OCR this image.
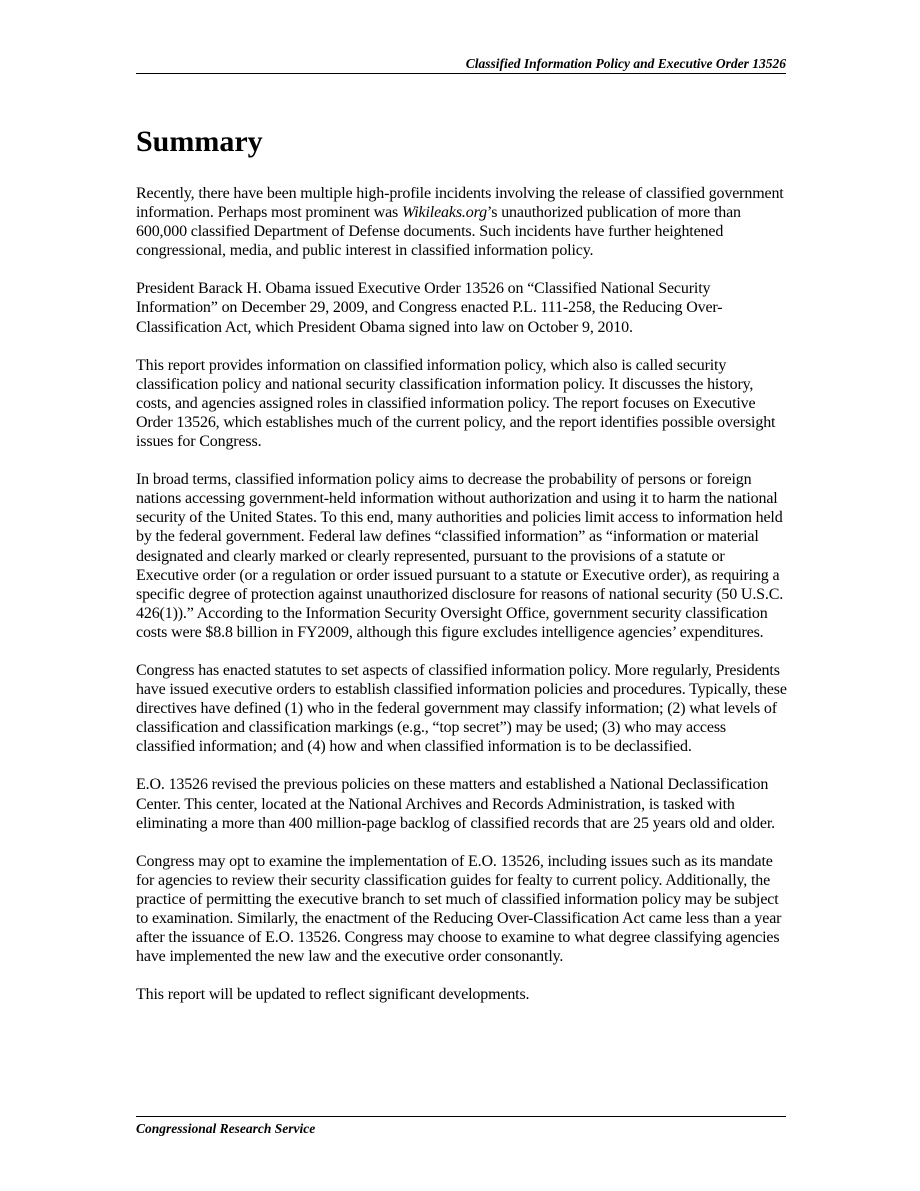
Classified Information Policy and Executive Order 13526
Summary

Recently, there have been multiple high-profile incidents involving the release of classified government information. Perhaps most prominent was Wikileaks.org’s unauthorized publication of more than 600,000 classified Department of Defense documents. Such incidents have further heightened congressional, media, and public interest in classified information policy.

President Barack H. Obama issued Executive Order 13526 on “Classified National Security Information” on December 29, 2009, and Congress enacted P.L. 111-258, the Reducing Over-Classification Act, which President Obama signed into law on October 9, 2010.

This report provides information on classified information policy, which also is called security classification policy and national security classification information policy. It discusses the history, costs, and agencies assigned roles in classified information policy. The report focuses on Executive Order 13526, which establishes much of the current policy, and the report identifies possible oversight issues for Congress.

In broad terms, classified information policy aims to decrease the probability of persons or foreign nations accessing government-held information without authorization and using it to harm the national security of the United States. To this end, many authorities and policies limit access to information held by the federal government. Federal law defines “classified information” as “information or material designated and clearly marked or clearly represented, pursuant to the provisions of a statute or Executive order (or a regulation or order issued pursuant to a statute or Executive order), as requiring a specific degree of protection against unauthorized disclosure for reasons of national security (50 U.S.C. 426(1)).” According to the Information Security Oversight Office, government security classification costs were $8.8 billion in FY2009, although this figure excludes intelligence agencies’ expenditures.

Congress has enacted statutes to set aspects of classified information policy. More regularly, Presidents have issued executive orders to establish classified information policies and procedures. Typically, these directives have defined (1) who in the federal government may classify information; (2) what levels of classification and classification markings (e.g., “top secret”) may be used; (3) who may access classified information; and (4) how and when classified information is to be declassified.

E.O. 13526 revised the previous policies on these matters and established a National Declassification Center. This center, located at the National Archives and Records Administration, is tasked with eliminating a more than 400 million-page backlog of classified records that are 25 years old and older.

Congress may opt to examine the implementation of E.O. 13526, including issues such as its mandate for agencies to review their security classification guides for fealty to current policy. Additionally, the practice of permitting the executive branch to set much of classified information policy may be subject to examination. Similarly, the enactment of the Reducing Over-Classification Act came less than a year after the issuance of E.O. 13526. Congress may choose to examine to what degree classifying agencies have implemented the new law and the executive order consonantly.

This report will be updated to reflect significant developments.

Congressional Research Service
